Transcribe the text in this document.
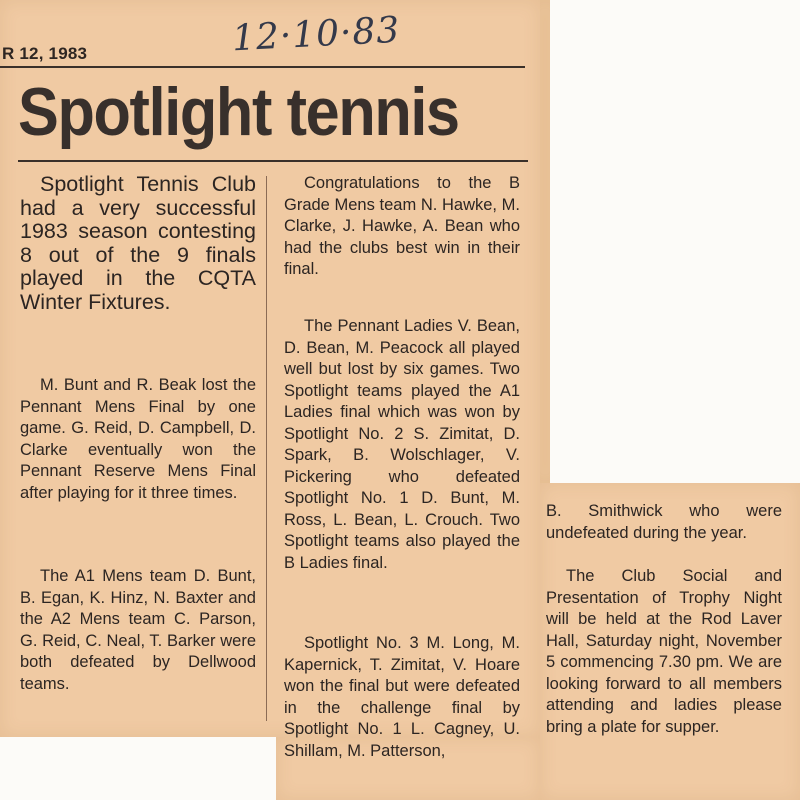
12·10·83
R 12, 1983
Spotlight tennis

Spotlight Tennis Club had a very successful 1983 season contesting 8 out of the 9 finals played in the CQTA Winter Fixtures.

M. Bunt and R. Beak lost the Pennant Mens Final by one game. G. Reid, D. Campbell, D. Clarke eventually won the Pennant Reserve Mens Final after playing for it three times.

The A1 Mens team D. Bunt, B. Egan, K. Hinz, N. Baxter and the A2 Mens team C. Parson, G. Reid, C. Neal, T. Barker were both defeated by Dellwood teams.

Congratulations to the B Grade Mens team N. Hawke, M. Clarke, J. Hawke, A. Bean who had the clubs best win in their final.

The Pennant Ladies V. Bean, D. Bean, M. Peacock all played well but lost by six games. Two Spotlight teams played the A1 Ladies final which was won by Spotlight No. 2 S. Zimitat, D. Spark, B. Wolschlager, V. Pickering who defeated Spotlight No. 1 D. Bunt, M. Ross, L. Bean, L. Crouch. Two Spotlight teams also played the B Ladies final.

Spotlight No. 3 M. Long, M. Kapernick, T. Zimitat, V. Hoare won the final but were defeated in the challenge final by Spotlight No. 1 L. Cagney, U. Shillam, M. Patterson,

B. Smithwick who were undefeated during the year.

The Club Social and Presentation of Trophy Night will be held at the Rod Laver Hall, Saturday night, November 5 commencing 7.30 pm. We are looking forward to all members attending and ladies please bring a plate for supper.
